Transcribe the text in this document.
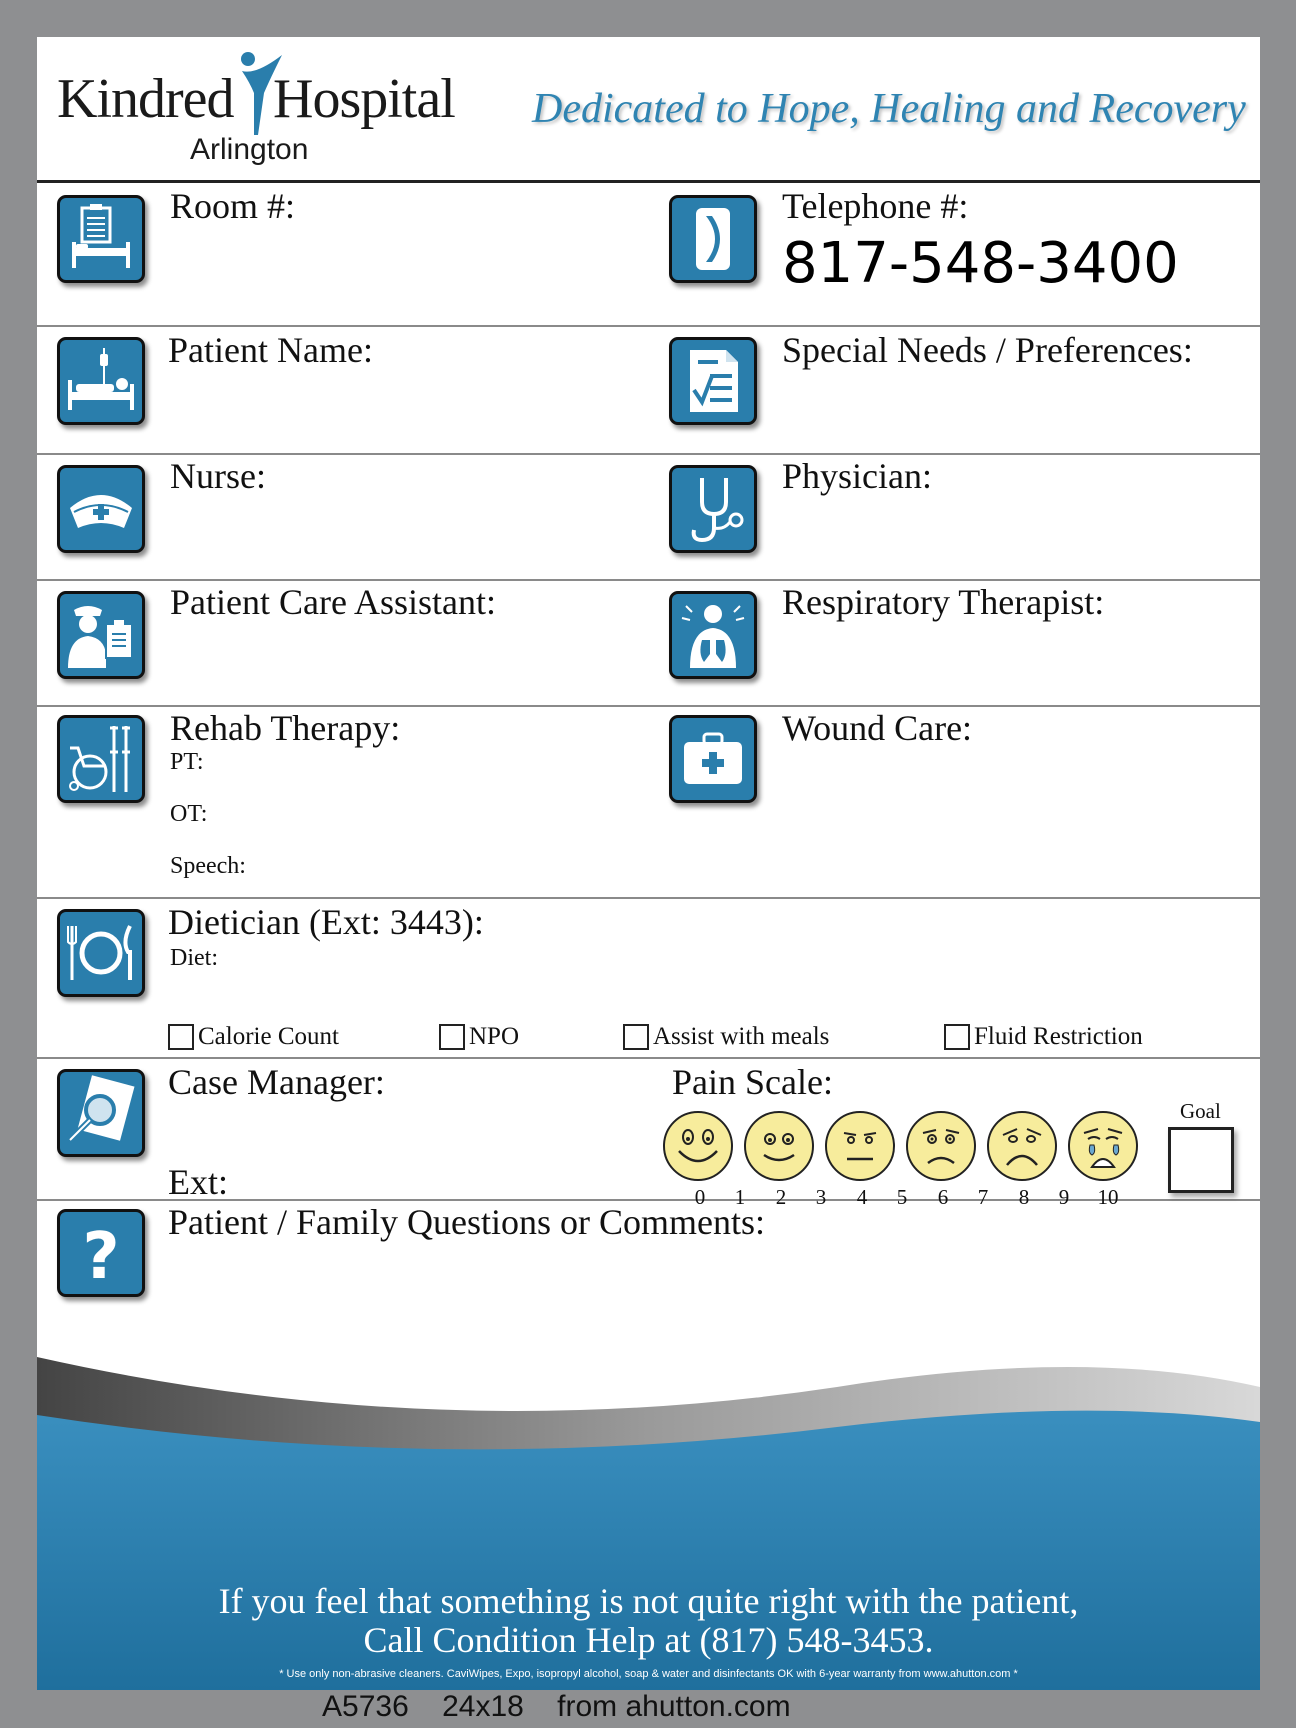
Kindred Hospital
Arlington
Dedicated to Hope, Healing and Recovery
Room #:	Telephone #:
817-548-3400
Patient Name:	Special Needs / Preferences:
Nurse:	Physician:
Patient Care Assistant:	Respiratory Therapist:
Rehab Therapy:
PT:
OT:
Speech:
Wound Care:
Dietician (Ext: 3443):
Diet:
Calorie Count	NPO	Assist with meals	Fluid Restriction
Case Manager:
Ext:
Pain Scale:
0	1	2	3	4	5	6	7	8	9	10
Goal
? Patient / Family Questions or Comments:
If you feel that something is not quite right with the patient,
Call Condition Help at (817) 548-3453.
* Use only non-abrasive cleaners. CaviWipes, Expo, isopropyl alcohol, soap & water and disinfectants OK with 6-year warranty from www.ahutton.com *
A5736    24x18    from ahutton.com
